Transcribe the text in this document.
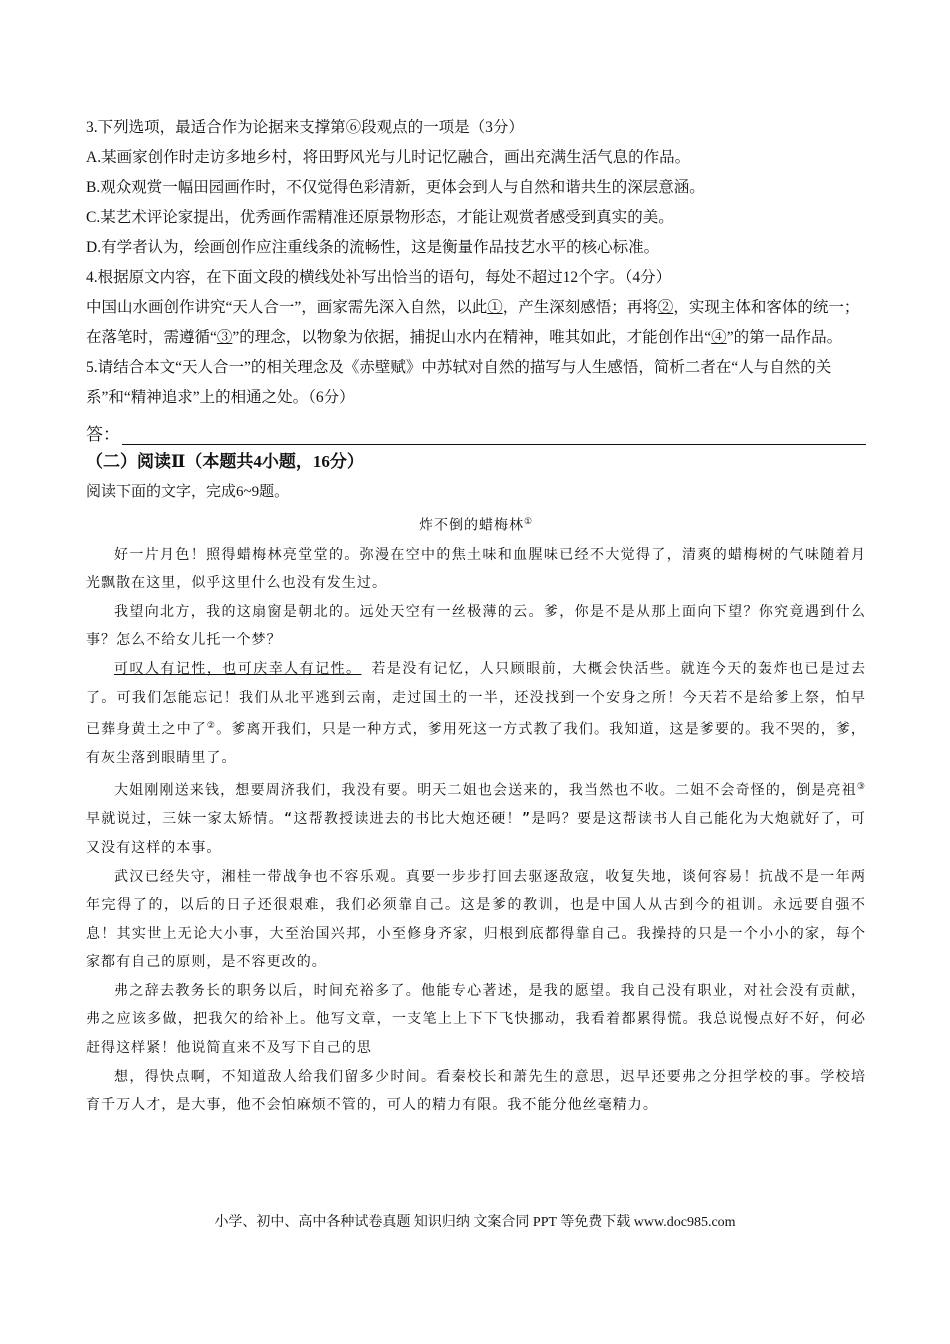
3.下列选项，最适合作为论据来支撑第⑥段观点的一项是（3分）

A.某画家创作时走访多地乡村，将田野风光与儿时记忆融合，画出充满生活气息的作品。

B.观众观赏一幅田园画作时，不仅觉得色彩清新，更体会到人与自然和谐共生的深层意涵。

C.某艺术评论家提出，优秀画作需精准还原景物形态，才能让观赏者感受到真实的美。

D.有学者认为，绘画创作应注重线条的流畅性，这是衡量作品技艺水平的核心标准。

4.根据原文内容，在下面文段的横线处补写出恰当的语句，每处不超过12个字。（4分）

中国山水画创作讲究“天人合一”，画家需先深入自然，以此①，产生深刻感悟；再将②，实现主体和客体的统一；在落笔时，需遵循“③”的理念，以物象为依据，捕捉山水内在精神，唯其如此，才能创作出“④”的第一品作品。

5.请结合本文“天人合一”的相关理念及《赤壁赋》中苏轼对自然的描写与人生感悟，简析二者在“人与自然的关系”和“精神追求”上的相通之处。（6分）

答：

（二）阅读Ⅱ（本题共4小题，16分）

阅读下面的文字，完成6~9题。

炸不倒的蜡梅林①

好一片月色！照得蜡梅林亮堂堂的。弥漫在空中的焦土味和血腥味已经不大觉得了，清爽的蜡梅树的气味随着月光飘散在这里，似乎这里什么也没有发生过。

我望向北方，我的这扇窗是朝北的。远处天空有一丝极薄的云。爹，你是不是从那上面向下望？你究竟遇到什么事？怎么不给女儿托一个梦？

可叹人有记性，也可庆幸人有记性。 若是没有记忆，人只顾眼前，大概会快活些。就连今天的轰炸也已是过去了。可我们怎能忘记！我们从北平逃到云南，走过国土的一半，还没找到一个安身之所！今天若不是给爹上祭，怕早已葬身黄土之中了②。爹离开我们，只是一种方式，爹用死这一方式教了我们。我知道，这是爹要的。我不哭的，爹，有灰尘落到眼睛里了。

大姐刚刚送来钱，想要周济我们，我没有要。明天二姐也会送来的，我当然也不收。二姐不会奇怪的，倒是亮祖③早就说过，三妹一家太矫情。“这帮教授读进去的书比大炮还硬！”是吗？要是这帮读书人自己能化为大炮就好了，可又没有这样的本事。

武汉已经失守，湘桂一带战争也不容乐观。真要一步步打回去驱逐敌寇，收复失地，谈何容易！抗战不是一年两年完得了的，以后的日子还很艰难，我们必须靠自己。这是爹的教训，也是中国人从古到今的祖训。永远要自强不息！其实世上无论大小事，大至治国兴邦，小至修身齐家，归根到底都得靠自己。我操持的只是一个小小的家，每个家都有自己的原则，是不容更改的。

弗之辞去教务长的职务以后，时间充裕多了。他能专心著述，是我的愿望。我自己没有职业，对社会没有贡献，弗之应该多做，把我欠的给补上。他写文章，一支笔上上下下飞快挪动，我看着都累得慌。我总说慢点好不好，何必赶得这样紧！他说简直来不及写下自己的思

想，得快点啊，不知道敌人给我们留多少时间。看秦校长和萧先生的意思，迟早还要弗之分担学校的事。学校培育千万人才，是大事，他不会怕麻烦不管的，可人的精力有限。我不能分他丝毫精力。

小学、初中、高中各种试卷真题 知识归纳 文案合同 PPT 等免费下载 www.doc985.com
